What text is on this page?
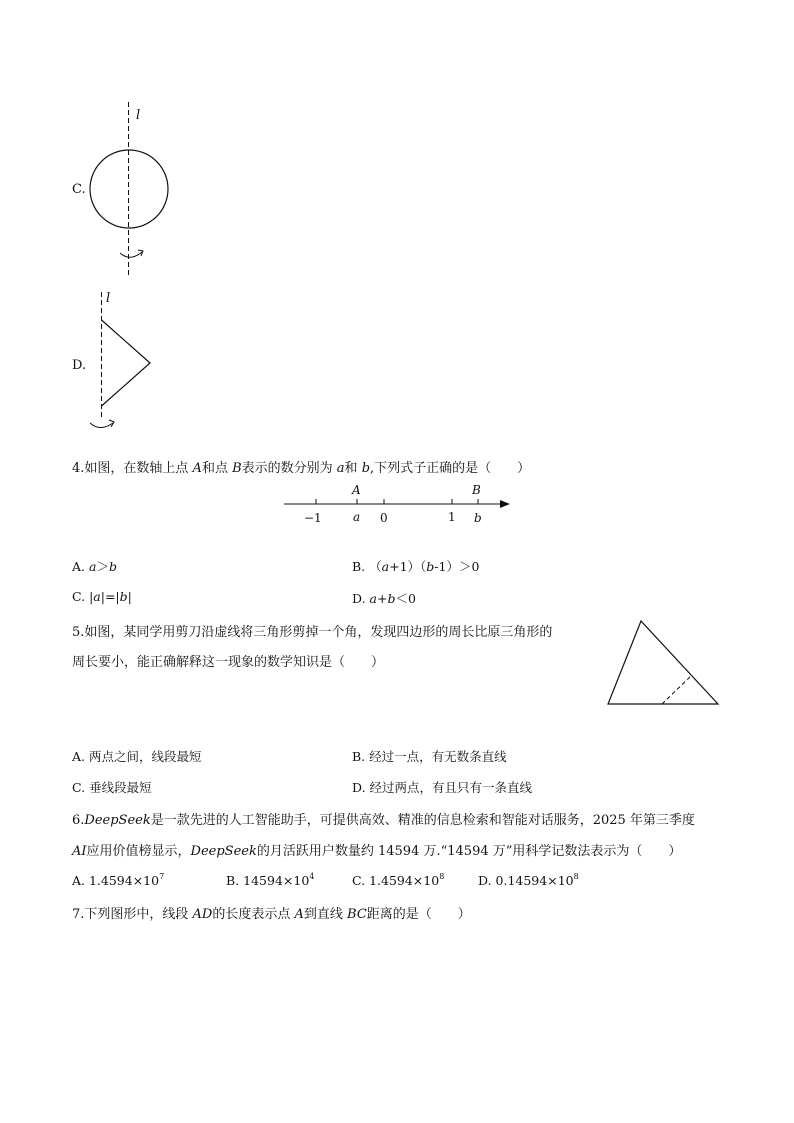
C.
l
D.
l
4.如图，在数轴上点 A和点 B表示的数分别为 a和 b,下列式子正确的是（　　）
A	B
−1	a 0	1 b
A. a＞b	B. （a+1）（b-1）＞0
C. |a|=|b|	D. a+b＜0
5.如图，某同学用剪刀沿虚线将三角形剪掉一个角，发现四边形的周长比原三角形的
周长要小，能正确解释这一现象的数学知识是（　　）
A. 两点之间，线段最短	B. 经过一点，有无数条直线
C. 垂线段最短	D. 经过两点，有且只有一条直线
6.DeepSeek是一款先进的人工智能助手，可提供高效、精准的信息检索和智能对话服务，2025 年第三季度
AI应用价值榜显示，DeepSeek的月活跃用户数量约 14594 万.“14594 万”用科学记数法表示为（　　）
A. $1.4594\times 10^7$	B. $14594\times 10^4$	C. $1.4594\times 10^8$	D. $0.14594\times 10^8$
7.下列图形中，线段 AD的长度表示点 A到直线 BC距离的是（　　）
